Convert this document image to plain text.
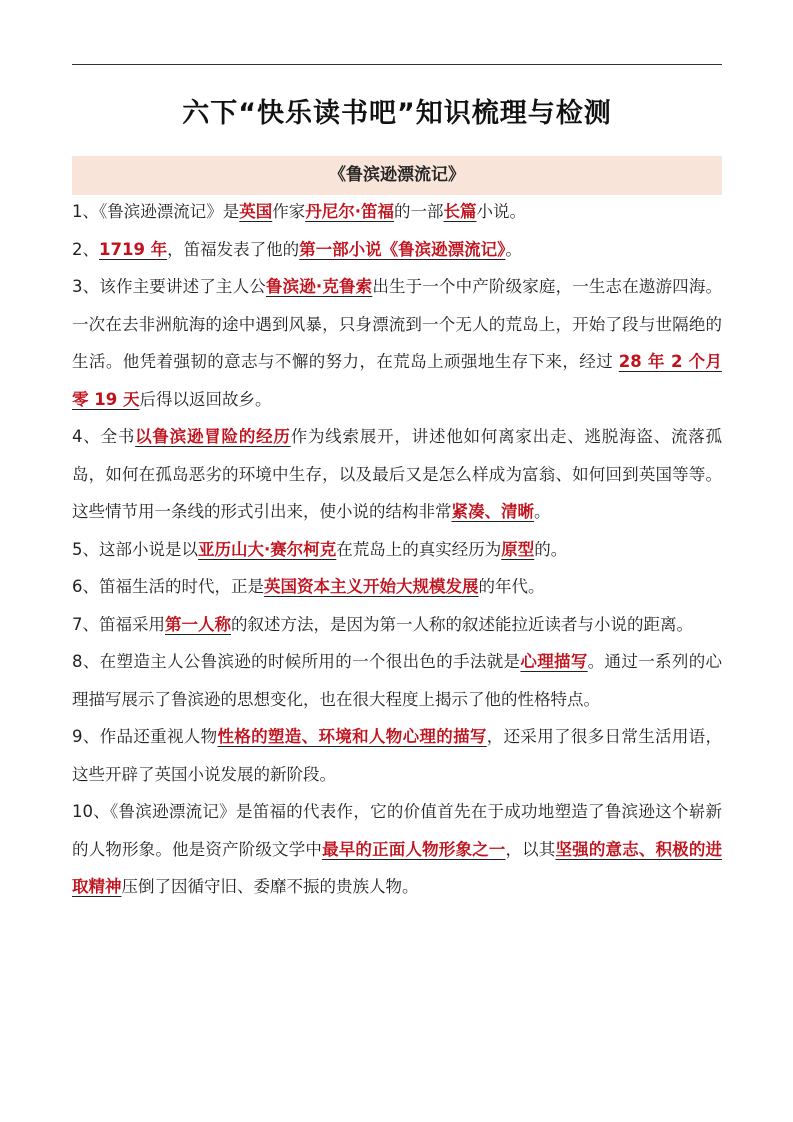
六下“快乐读书吧”知识梳理与检测
《鲁滨逊漂流记》

1、《鲁滨逊漂流记》是英国作家丹尼尔·笛福的一部长篇小说。

2、1719 年，笛福发表了他的第一部小说《鲁滨逊漂流记》。

3、该作主要讲述了主人公鲁滨逊·克鲁索出生于一个中产阶级家庭，一生志在遨游四海。一次在去非洲航海的途中遇到风暴，只身漂流到一个无人的荒岛上，开始了段与世隔绝的生活。他凭着强韧的意志与不懈的努力，在荒岛上顽强地生存下来，经过 28 年 2 个月零 19 天后得以返回故乡。

4、全书以鲁滨逊冒险的经历作为线索展开，讲述他如何离家出走、逃脱海盗、流落孤岛，如何在孤岛恶劣的环境中生存，以及最后又是怎么样成为富翁、如何回到英国等等。这些情节用一条线的形式引出来，使小说的结构非常紧凑、清晰。

5、这部小说是以亚历山大·赛尔柯克在荒岛上的真实经历为原型的。

6、笛福生活的时代，正是英国资本主义开始大规模发展的年代。

7、笛福采用第一人称的叙述方法，是因为第一人称的叙述能拉近读者与小说的距离。

8、在塑造主人公鲁滨逊的时候所用的一个很出色的手法就是心理描写。通过一系列的心理描写展示了鲁滨逊的思想变化，也在很大程度上揭示了他的性格特点。

9、作品还重视人物性格的塑造、环境和人物心理的描写，还采用了很多日常生活用语，这些开辟了英国小说发展的新阶段。

10、《鲁滨逊漂流记》是笛福的代表作，它的价值首先在于成功地塑造了鲁滨逊这个崭新的人物形象。他是资产阶级文学中最早的正面人物形象之一，以其坚强的意志、积极的进取精神压倒了因循守旧、委靡不振的贵族人物。
